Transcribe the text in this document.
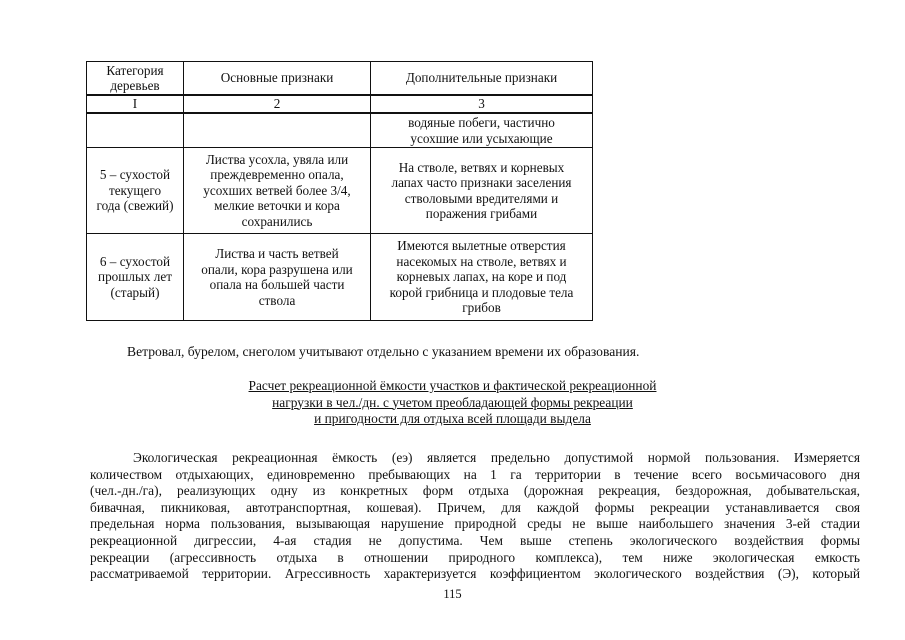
Категория
деревьев	Основные признаки	Дополнительные признаки

I	2	3

		водяные побеги, частично
усохшие или усыхающие

5 – сухостой
текущего
года (свежий)	Листва усохла, увяла или
преждевременно опала,
усохших ветвей более 3/4,
мелкие веточки и кора
сохранились	На стволе, ветвях и корневых
лапах часто признаки заселения
стволовыми вредителями и
поражения грибами

6 – сухостой
прошлых лет
(старый)	Листва и часть ветвей
опали, кора разрушена или
опала на большей части
ствола	Имеются вылетные отверстия
насекомых на стволе, ветвях и
корневых лапах, на коре и под
корой грибница и плодовые тела
грибов
Ветровал, бурелом, снеголом учитывают отдельно с указанием времени их образования.
Расчет рекреационной ёмкости участков и фактической рекреационной
нагрузки в чел./дн. с учетом преобладающей формы рекреации
и пригодности для отдыха всей площади выдела
Экологическая рекреационная ёмкость (еэ) является предельно допустимой нормой пользования. Измеряется
количеством отдыхающих, единовременно пребывающих на 1 га территории в течение всего восьмичасового дня
(чел.-дн./га), реализующих одну из конкретных форм отдыха (дорожная рекреация, бездорожная, добывательская,
бивачная, пикниковая, автотранспортная, кошевая). Причем, для каждой формы рекреации устанавливается своя
предельная норма пользования, вызывающая нарушение природной среды не выше наибольшего значения 3-ей стадии
рекреационной дигрессии, 4-ая стадия не допустима. Чем выше степень экологического воздействия формы
рекреации (агрессивность отдыха в отношении природного комплекса), тем ниже экологическая емкость
рассматриваемой территории. Агрессивность характеризуется коэффициентом экологического воздействия (Э), который
115
